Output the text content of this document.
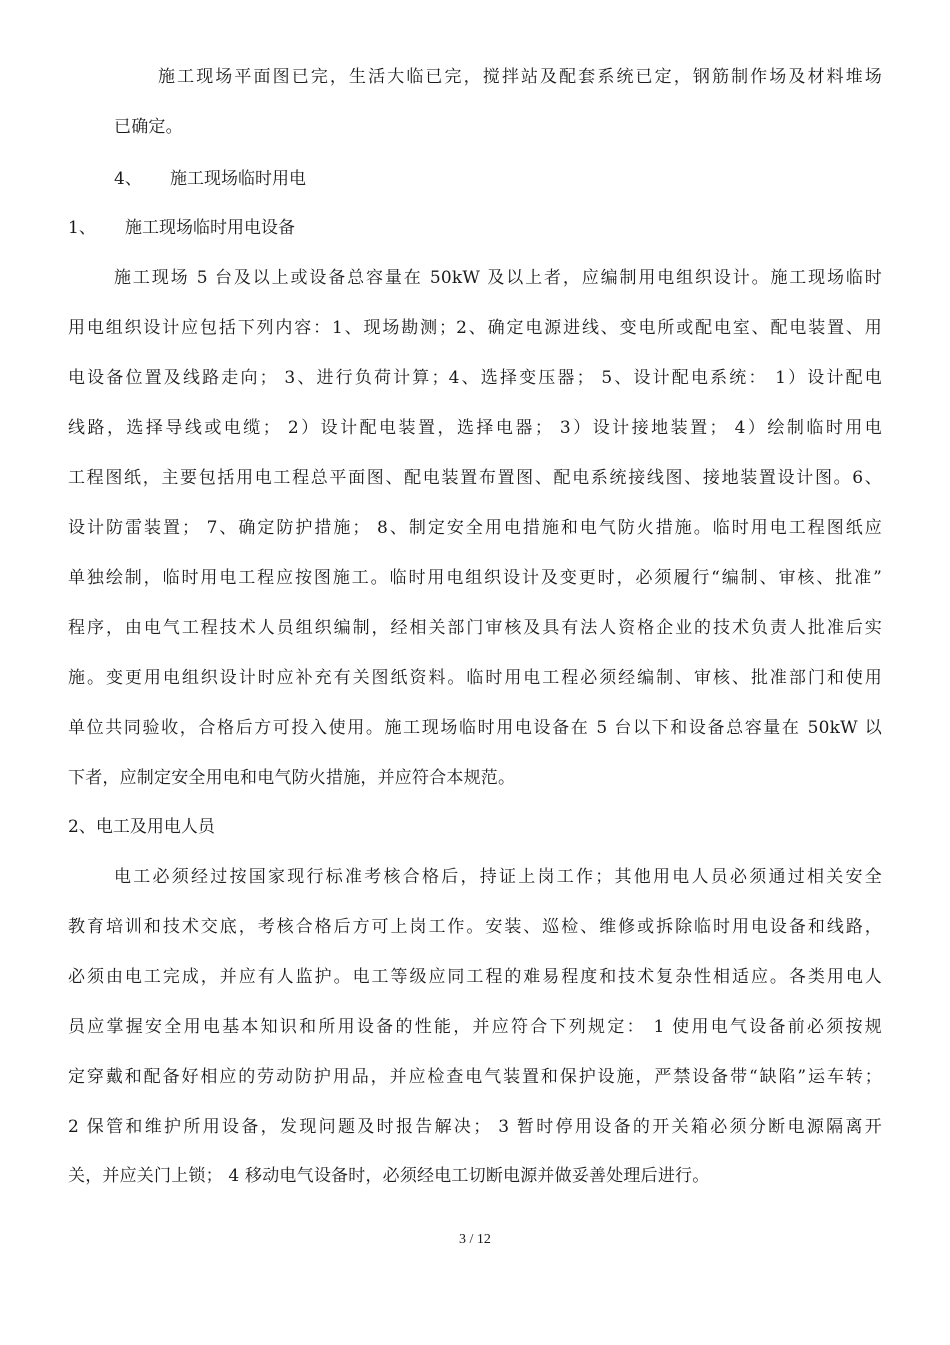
施工现场平面图已完，生活大临已完，搅拌站及配套系统已定，钢筋制作场及材料堆场
已确定。
4、 施工现场临时用电
1、 施工现场临时用电设备
施工现场 5 台及以上或设备总容量在 50kW 及以上者，应编制用电组织设计。施工现场临时
用电组织设计应包括下列内容：1、现场勘测；2、确定电源进线、变电所或配电室、配电装置、用
电设备位置及线路走向； 3、进行负荷计算；4、选择变压器； 5、设计配电系统： 1）设计配电
线路，选择导线或电缆； 2）设计配电装置，选择电器； 3）设计接地装置； 4）绘制临时用电
工程图纸，主要包括用电工程总平面图、配电装置布置图、配电系统接线图、接地装置设计图。6、
设计防雷装置； 7、确定防护措施； 8、制定安全用电措施和电气防火措施。临时用电工程图纸应
单独绘制，临时用电工程应按图施工。临时用电组织设计及变更时，必须履行“编制、审核、批准”
程序，由电气工程技术人员组织编制，经相关部门审核及具有法人资格企业的技术负责人批准后实
施。变更用电组织设计时应补充有关图纸资料。临时用电工程必须经编制、审核、批准部门和使用
单位共同验收，合格后方可投入使用。施工现场临时用电设备在 5 台以下和设备总容量在 50kW 以
下者，应制定安全用电和电气防火措施，并应符合本规范。
2、电工及用电人员
电工必须经过按国家现行标准考核合格后，持证上岗工作；其他用电人员必须通过相关安全
教育培训和技术交底，考核合格后方可上岗工作。安装、巡检、维修或拆除临时用电设备和线路，
必须由电工完成，并应有人监护。电工等级应同工程的难易程度和技术复杂性相适应。各类用电人
员应掌握安全用电基本知识和所用设备的性能，并应符合下列规定： 1 使用电气设备前必须按规
定穿戴和配备好相应的劳动防护用品，并应检查电气装置和保护设施，严禁设备带“缺陷”运车转；
2 保管和维护所用设备，发现问题及时报告解决； 3 暂时停用设备的开关箱必须分断电源隔离开
关，并应关门上锁； 4 移动电气设备时，必须经电工切断电源并做妥善处理后进行。
3 / 12
